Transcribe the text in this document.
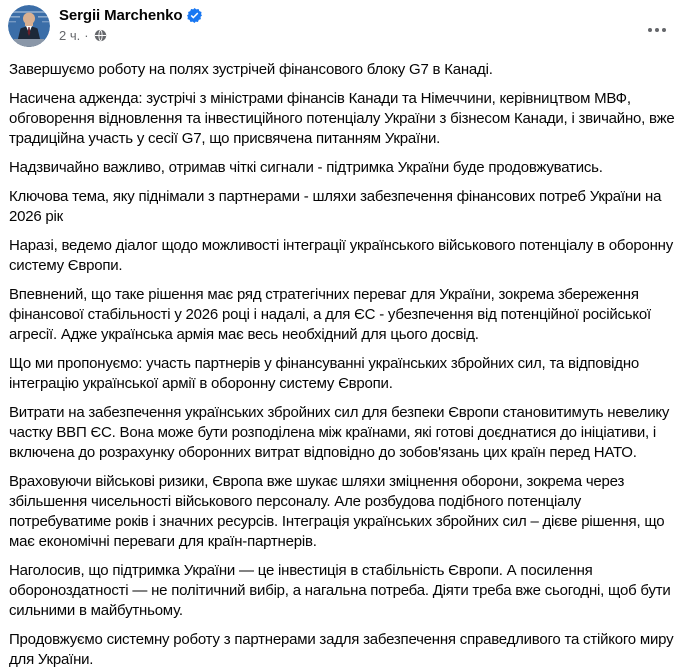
Sergii Marchenko
2 ч. ·

Завершуємо роботу на полях зустрічей фінансового блоку G7 в Канаді.

Насичена адженда: зустрічі з міністрами фінансів Канади та Німеччини, керівництвом МВФ, обговорення відновлення та інвестиційного потенціалу України з бізнесом Канади, і звичайно, вже традиційна участь у сесії G7, що присвячена питанням України.

Надзвичайно важливо, отримав чіткі сигнали - підтримка України буде продовжуватись.

Ключова тема, яку піднімали з партнерами - шляхи забезпечення фінансових потреб України на 2026 рік

Наразі, ведемо діалог щодо можливості інтеграції українського військового потенціалу в оборонну систему Європи.

Впевнений, що таке рішення має ряд стратегічних переваг для України, зокрема збереження фінансової стабільності у 2026 році і надалі, а для ЄС - убезпечення від потенційної російської агресії. Адже українська армія має весь необхідний для цього досвід.

Що ми пропонуємо: участь партнерів у фінансуванні українських збройних сил, та відповідно інтеграцію української армії в оборонну систему Європи.

Витрати на забезпечення українських збройних сил для безпеки Європи становитимуть невелику частку ВВП ЄС. Вона може бути розподілена між країнами, які готові доєднатися до ініціативи, і включена до розрахунку оборонних витрат відповідно до зобов'язань цих країн перед НАТО.

Враховуючи військові ризики, Європа вже шукає шляхи зміцнення оборони, зокрема через збільшення чисельності військового персоналу. Але розбудова подібного потенціалу потребуватиме років і значних ресурсів. Інтеграція українських збройних сил – дієве рішення, що має економічні переваги для країн-партнерів.

Наголосив, що підтримка України — це інвестиція в стабільність Європи. А посилення обороноздатності — не політичний вибір, а нагальна потреба. Діяти треба вже сьогодні, щоб бути сильними в майбутньому.

Продовжуємо системну роботу з партнерами задля забезпечення справедливого та стійкого миру для України.
